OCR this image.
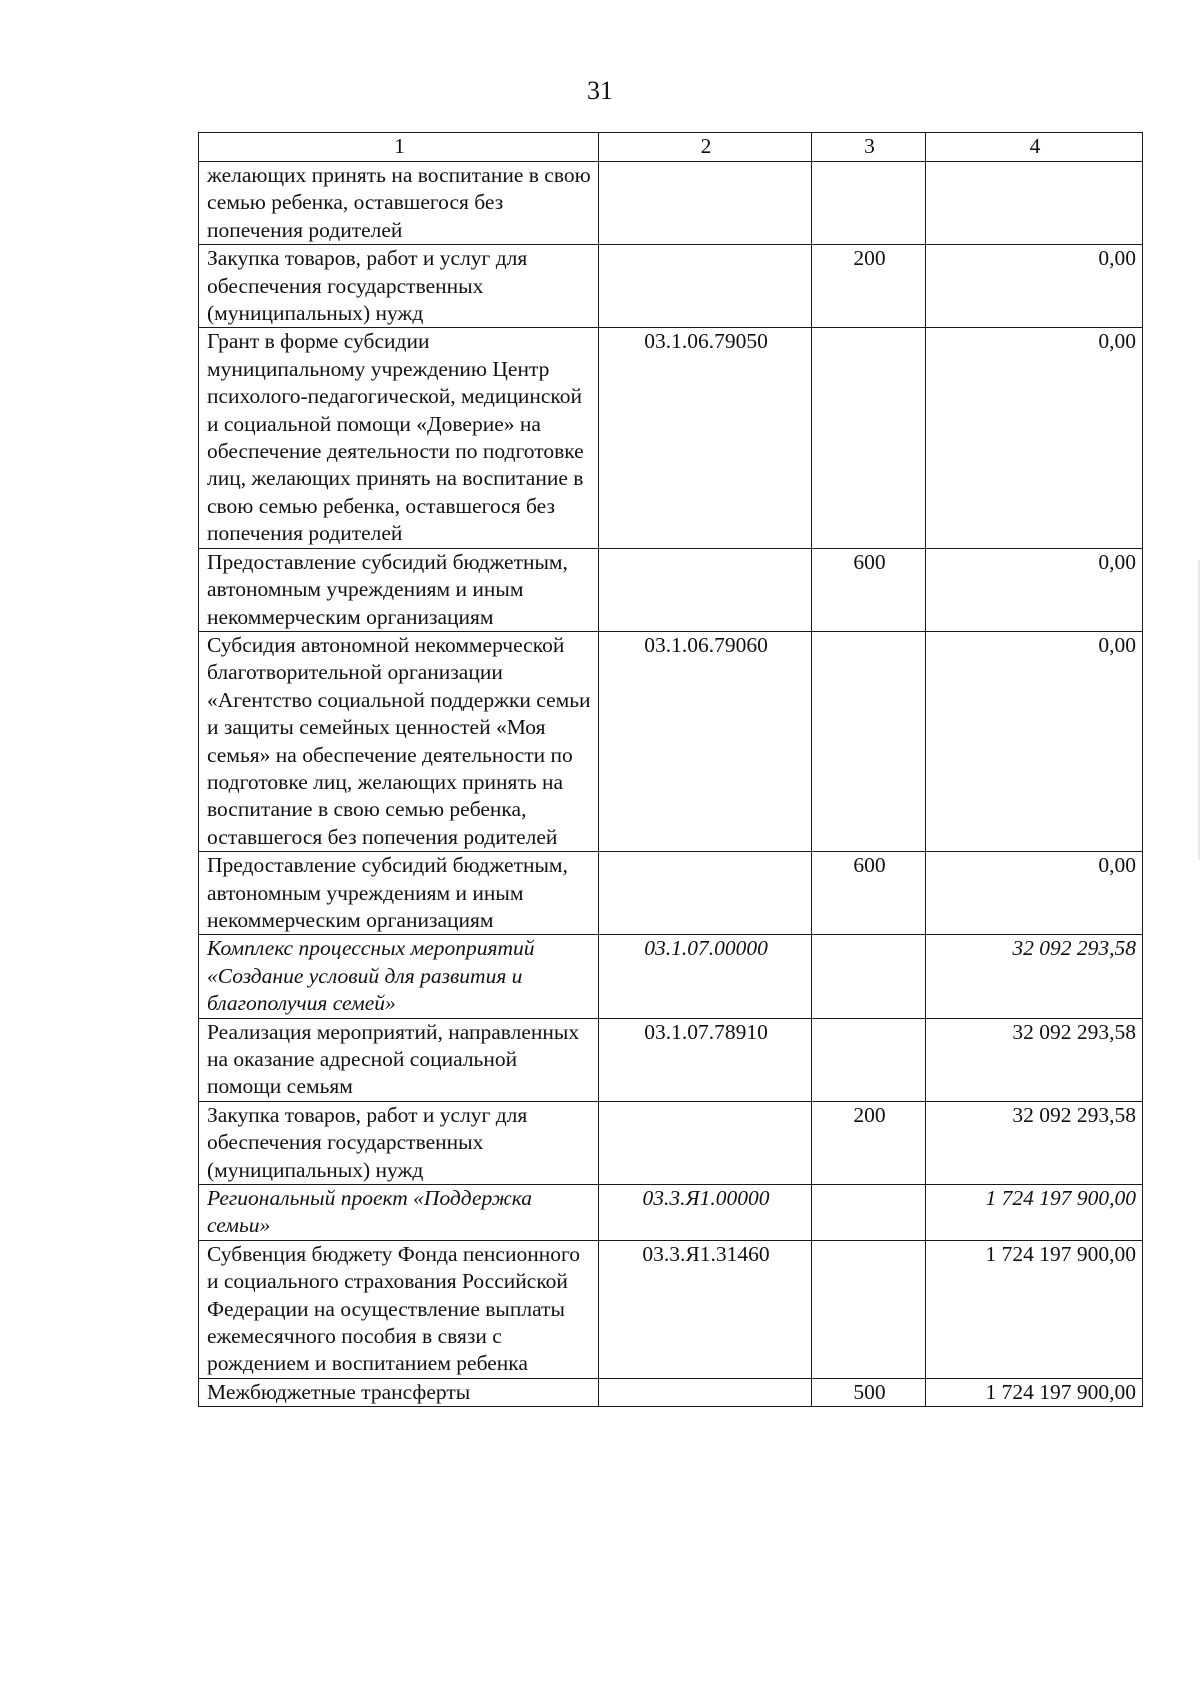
31
1	2	3	4
желающих принять на воспитание в свою семью ребенка, оставшегося без попечения родителей			
Закупка товаров, работ и услуг для обеспечения государственных (муниципальных) нужд		200	0,00
Грант в форме субсидии муниципальному учреждению Центр психолого-педагогической, медицинской и социальной помощи «Доверие» на обеспечение деятельности по подготовке лиц, желающих принять на воспитание в свою семью ребенка, оставшегося без попечения родителей	03.1.06.79050		0,00
Предоставление субсидий бюджетным, автономным учреждениям и иным некоммерческим организациям		600	0,00
Субсидия автономной некоммерческой благотворительной организации «Агентство социальной поддержки семьи и защиты семейных ценностей «Моя семья» на обеспечение деятельности по подготовке лиц, желающих принять на воспитание в свою семью ребенка, оставшегося без попечения родителей	03.1.06.79060		0,00
Предоставление субсидий бюджетным, автономным учреждениям и иным некоммерческим организациям		600	0,00
Комплекс процессных мероприятий «Создание условий для развития и благополучия семей»	03.1.07.00000		32 092 293,58
Реализация мероприятий, направленных на оказание адресной социальной помощи семьям	03.1.07.78910		32 092 293,58
Закупка товаров, работ и услуг для обеспечения государственных (муниципальных) нужд		200	32 092 293,58
Региональный проект «Поддержка семьи»	03.3.Я1.00000		1 724 197 900,00
Субвенция бюджету Фонда пенсионного и социального страхования Российской Федерации на осуществление выплаты ежемесячного пособия в связи с рождением и воспитанием ребенка	03.3.Я1.31460		1 724 197 900,00
Межбюджетные трансферты		500	1 724 197 900,00
